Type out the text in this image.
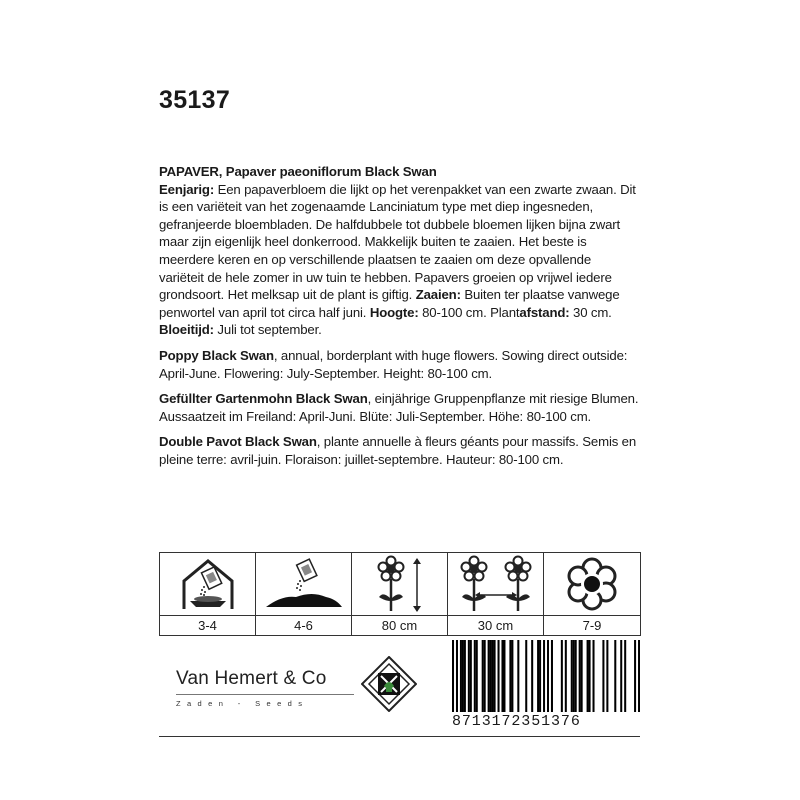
35137

PAPAVER, Papaver paeoniflorum Black Swan
Eenjarig: Een papaverbloem die lijkt op het verenpakket van een zwarte zwaan. Dit is een variëteit van het zogenaamde Lanciniatum type met diep ingesneden, gefranjeerde bloembladen. De halfdubbele tot dubbele bloemen lijken bijna zwart maar zijn eigenlijk heel donkerrood. Makkelijk buiten te zaaien. Het beste is meerdere keren en op verschillende plaatsen te zaaien om deze opvallende variëteit de hele zomer in uw tuin te hebben. Papavers groeien op vrijwel iedere grondsoort. Het melksap uit de plant is giftig. Zaaien: Buiten ter plaatse vanwege penwortel van april tot circa half juni. Hoogte: 80-100 cm. Plantafstand: 30 cm. Bloeitijd: Juli tot september.

Poppy Black Swan, annual, borderplant with huge flowers. Sowing direct outside: April-June. Flowering: July-September. Height: 80-100 cm.

Gefüllter Gartenmohn Black Swan, einjährige Gruppenpflanze mit riesige Blumen. Aussaatzeit im Freiland: April-Juni. Blüte: Juli-September. Höhe: 80-100 cm.

Double Pavot Black Swan, plante annuelle à fleurs géants pour massifs. Semis en pleine terre: avril-juin. Floraison: juillet-septembre. Hauteur: 80-100 cm.

3-4	4-6	80 cm	30 cm	7-9
Van Hemert & Co
Zaden - Seeds
8713172351376
